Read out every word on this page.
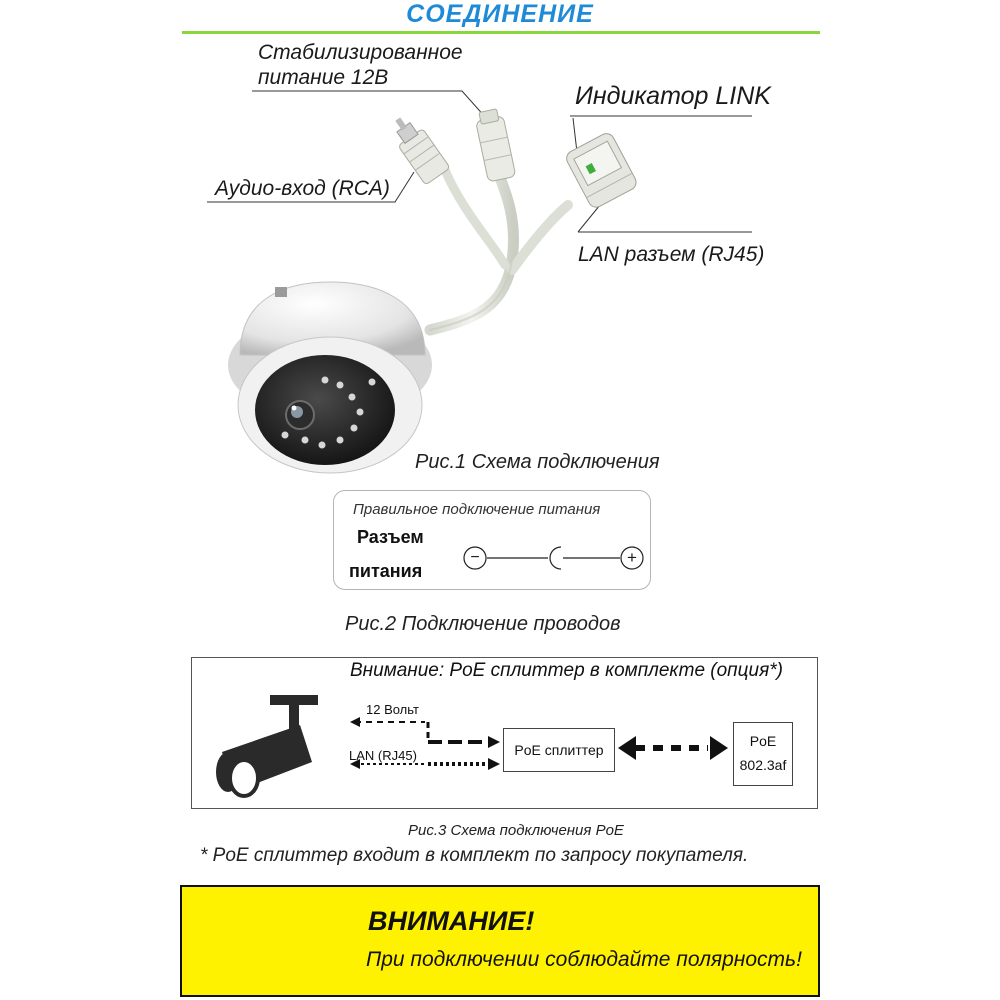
СОЕДИНЕНИЕ
Стабилизированное
питание 12В
Индикатор LINK
Аудио-вход (RCA)
LAN разъем (RJ45)
Рис.1 Схема подключения
Правильное подключение питания
Разъем
питания
−	+
Рис.2 Подключение проводов
Внимание: PoE сплиттер в комплекте (опция*)
12 Вольт
LAN (RJ45)	PoE сплиттер
PoE
802.3af
Рис.3 Схема подключения PoE
* PoE сплиттер входит в комплект по запросу покупателя.
ВНИМАНИЕ!
При подключении соблюдайте полярность!
